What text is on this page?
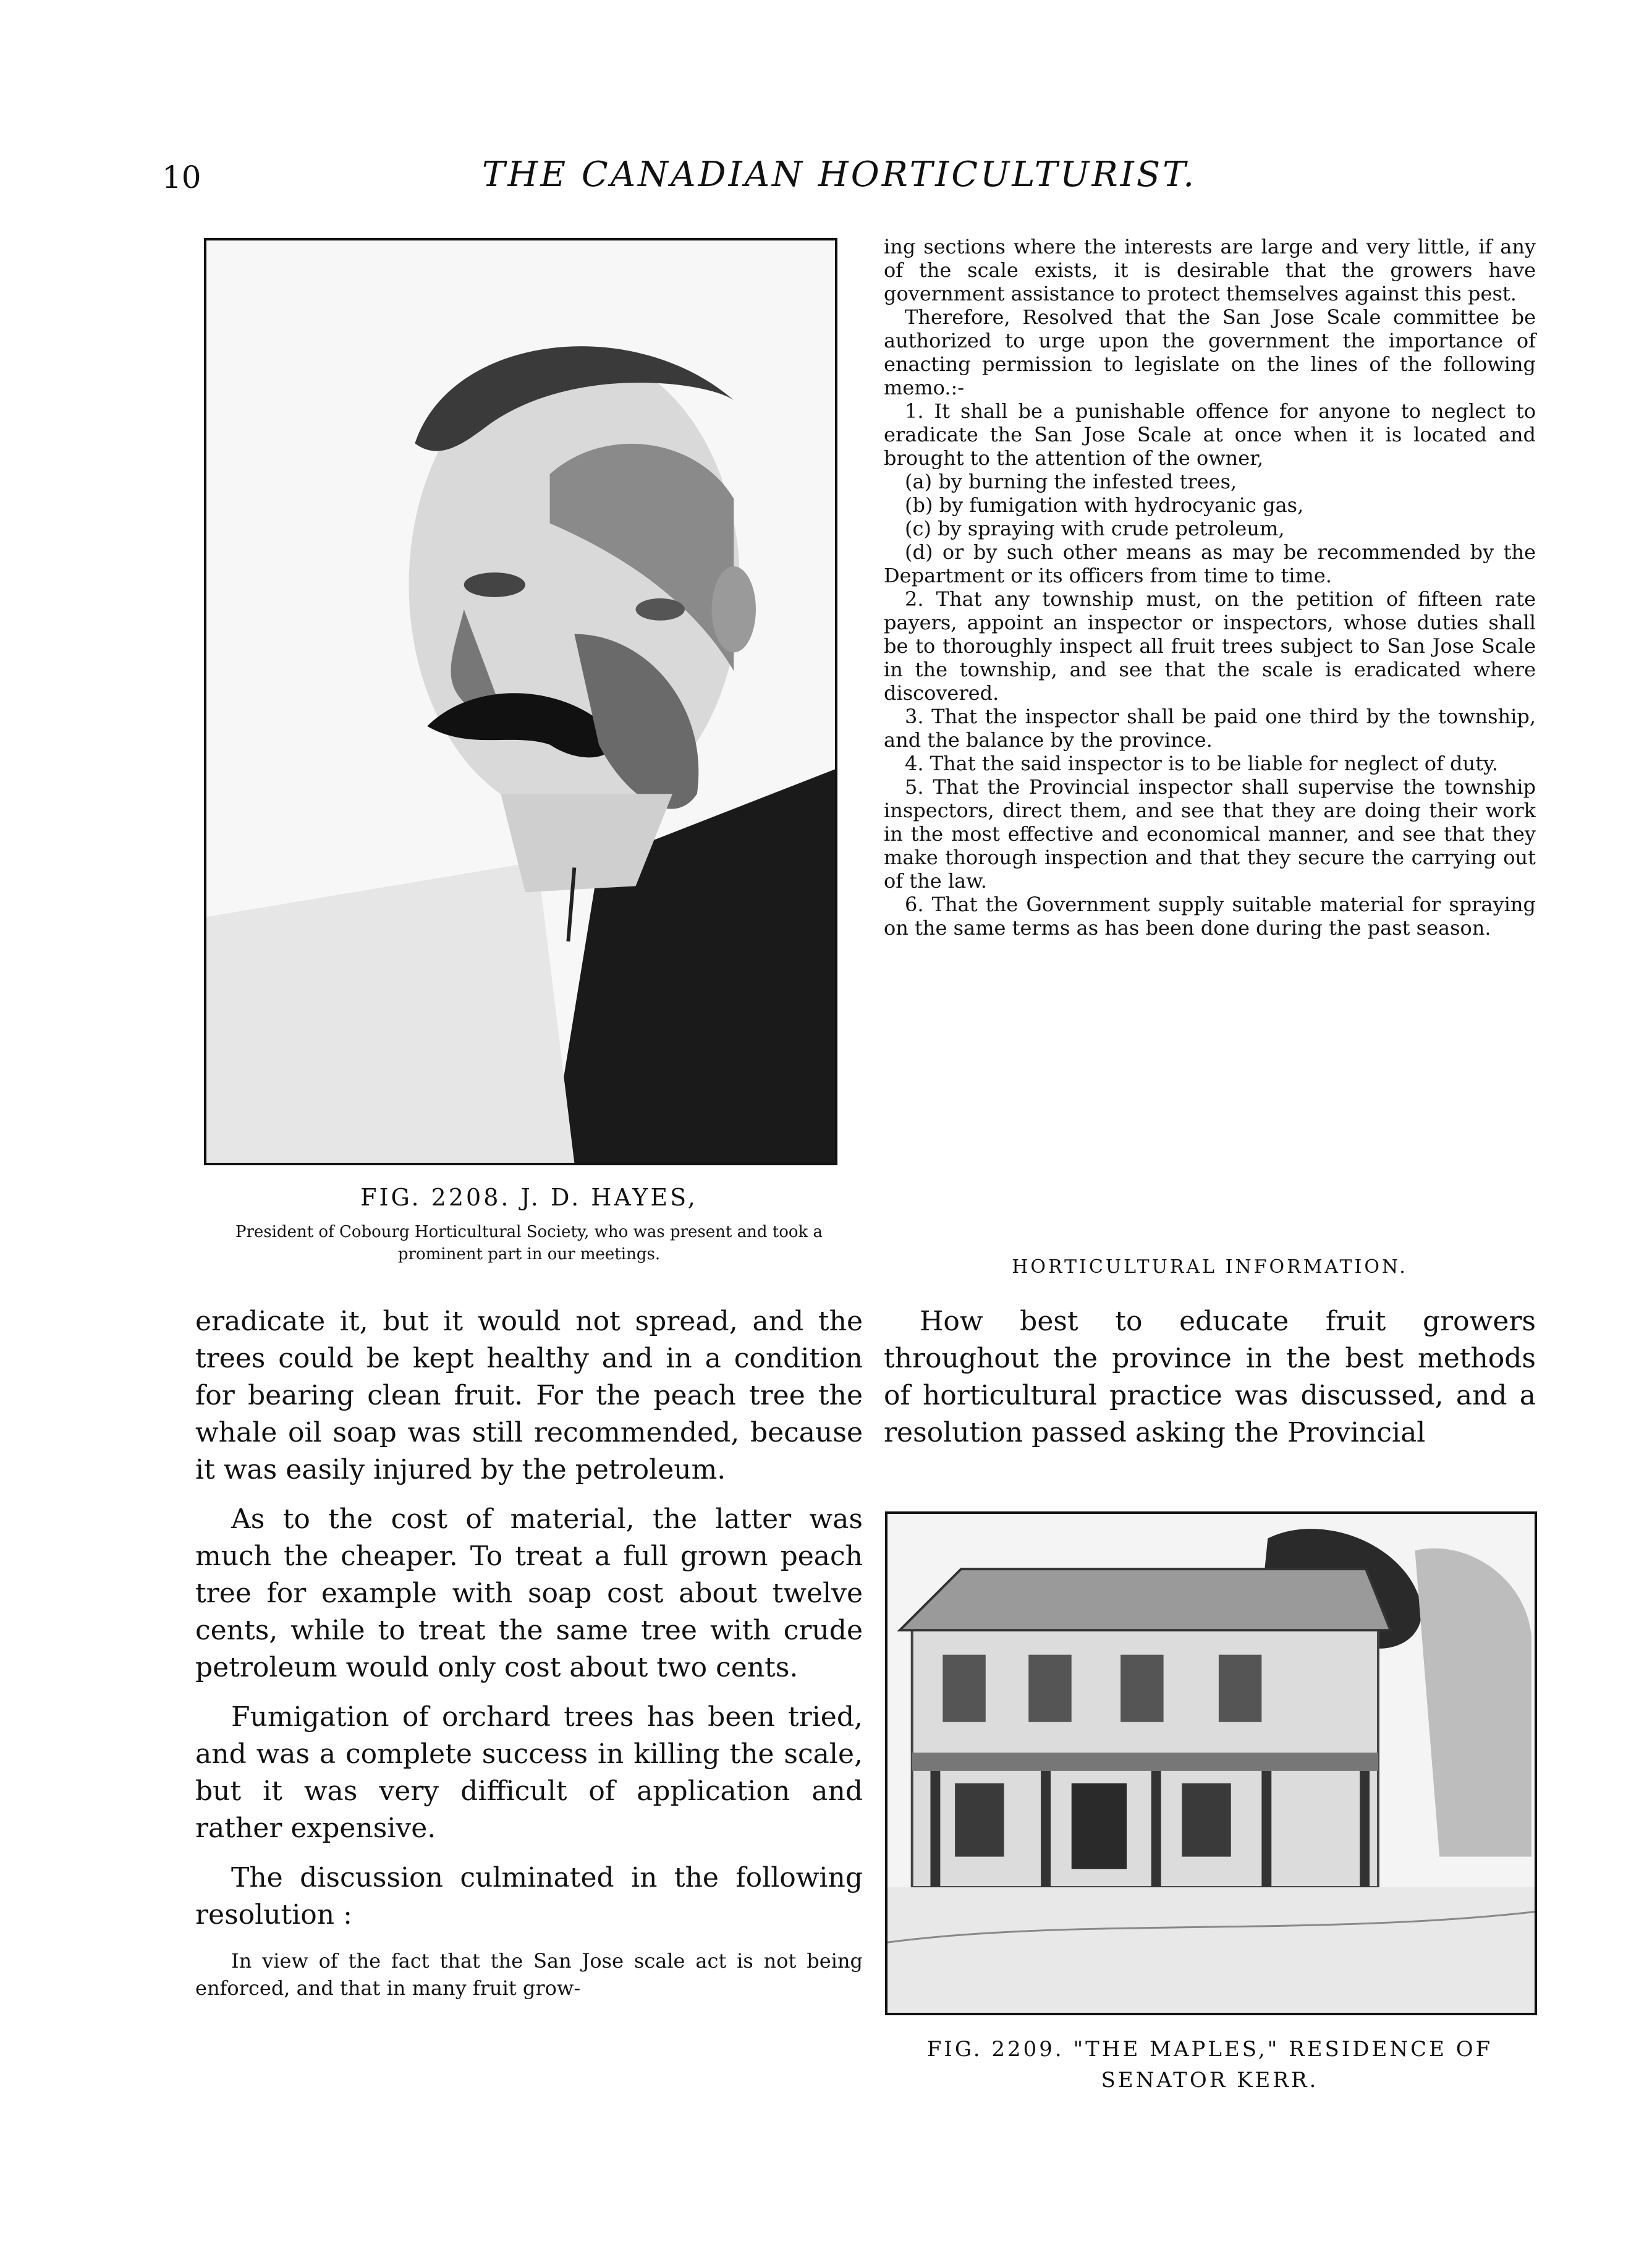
10	THE CANADIAN HORTICULTURIST.
FIG. 2208. J. D. HAYES,
President of Cobourg Horticultural Society, who was present and took a prominent part in our meetings.

eradicate it, but it would not spread, and the trees could be kept healthy and in a condition for bearing clean fruit. For the peach tree the whale oil soap was still recommended, because it was easily injured by the petroleum.

As to the cost of material, the latter was much the cheaper. To treat a full grown peach tree for example with soap cost about twelve cents, while to treat the same tree with crude petroleum would only cost about two cents.

Fumigation of orchard trees has been tried, and was a complete success in killing the scale, but it was very difficult of application and rather expensive.

The discussion culminated in the following resolution :

In view of the fact that the San Jose scale act is not being enforced, and that in many fruit grow-

ing sections where the interests are large and very little, if any of the scale exists, it is desirable that the growers have government assistance to protect themselves against this pest.

Therefore, Resolved that the San Jose Scale committee be authorized to urge upon the government the importance of enacting permission to legislate on the lines of the following memo.:-

1. It shall be a punishable offence for anyone to neglect to eradicate the San Jose Scale at once when it is located and brought to the attention of the owner,

(a) by burning the infested trees,

(b) by fumigation with hydrocyanic gas,

(c) by spraying with crude petroleum,

(d) or by such other means as may be recommended by the Department or its officers from time to time.

2. That any township must, on the petition of fifteen rate payers, appoint an inspector or inspectors, whose duties shall be to thoroughly inspect all fruit trees subject to San Jose Scale in the township, and see that the scale is eradicated where discovered.

3. That the inspector shall be paid one third by the township, and the balance by the province.

4. That the said inspector is to be liable for neglect of duty.

5. That the Provincial inspector shall supervise the township inspectors, direct them, and see that they are doing their work in the most effective and economical manner, and see that they make thorough inspection and that they secure the carrying out of the law.

6. That the Government supply suitable material for spraying on the same terms as has been done during the past season.

HORTICULTURAL INFORMATION.

How best to educate fruit growers throughout the province in the best methods of horticultural practice was discussed, and a resolution passed asking the Provincial

FIG. 2209. "THE MAPLES," RESIDENCE OF
SENATOR KERR.
